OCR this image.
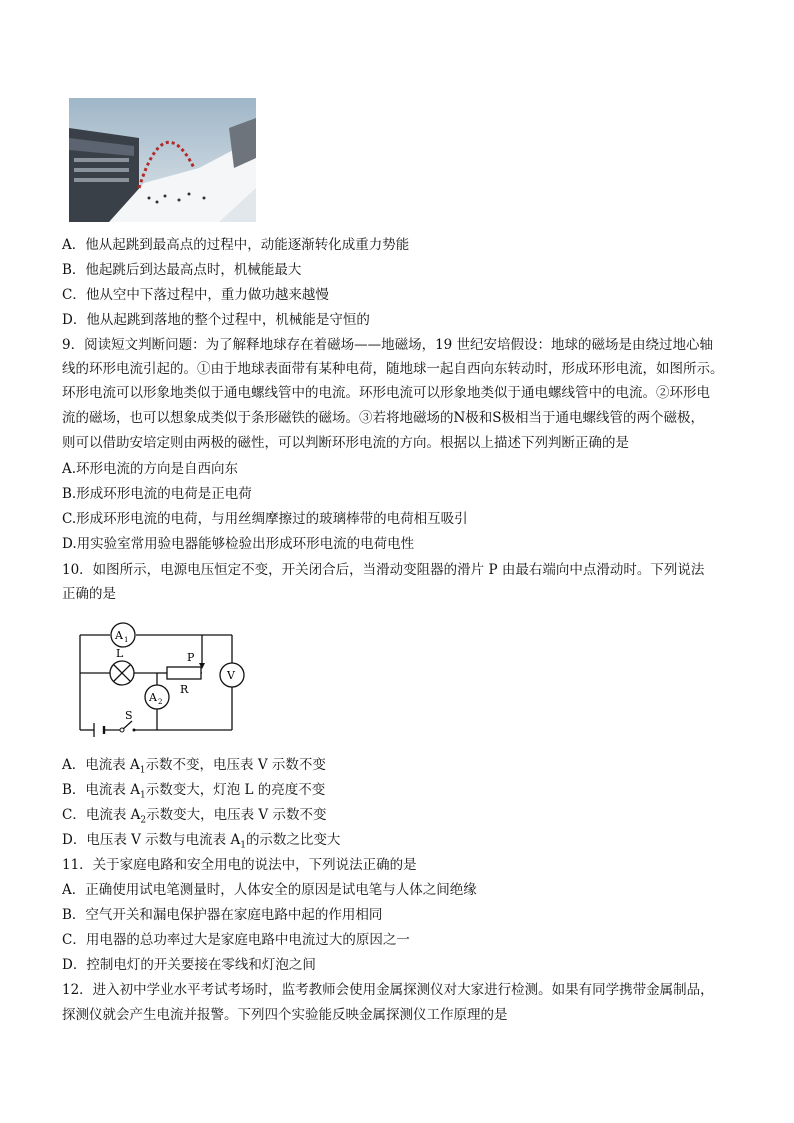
A．他从起跳到最高点的过程中，动能逐渐转化成重力势能
B．他起跳后到达最高点时，机械能最大
C．他从空中下落过程中，重力做功越来越慢
D．他从起跳到落地的整个过程中，机械能是守恒的
9．阅读短文判断问题：为了解释地球存在着磁场——地磁场，19 世纪安培假设：地球的磁场是由绕过地心轴
线的环形电流引起的。①由于地球表面带有某种电荷，随地球一起自西向东转动时，形成环形电流，如图所示。
环形电流可以形象地类似于通电螺线管中的电流。环形电流可以形象地类似于通电螺线管中的电流。②环形电
流的磁场，也可以想象成类似于条形磁铁的磁场。③若将地磁场的N极和S极相当于通电螺线管的两个磁极，
则可以借助安培定则由两极的磁性，可以判断环形电流的方向。根据以上描述下列判断正确的是
A.环形电流的方向是自西向东
B.形成环形电流的电荷是正电荷
C.形成环形电流的电荷，与用丝绸摩擦过的玻璃棒带的电荷相互吸引
D.用实验室常用验电器能够检验出形成环形电流的电荷电性
10．如图所示，电源电压恒定不变，开关闭合后，当滑动变阻器的滑片 P 由最右端向中点滑动时。下列说法
正确的是
A 1
L	P
R
A 2
V
S
A．电流表 $A_1$示数不变，电压表 V 示数不变
B．电流表 $A_1$示数变大，灯泡 L 的亮度不变
C．电流表 $A_2$示数变大，电压表 V 示数不变
D．电压表 V 示数与电流表 $A_1$的示数之比变大
11．关于家庭电路和安全用电的说法中，下列说法正确的是
A．正确使用试电笔测量时，人体安全的原因是试电笔与人体之间绝缘
B．空气开关和漏电保护器在家庭电路中起的作用相同
C．用电器的总功率过大是家庭电路中电流过大的原因之一
D．控制电灯的开关要接在零线和灯泡之间
12．进入初中学业水平考试考场时，监考教师会使用金属探测仪对大家进行检测。如果有同学携带金属制品，
探测仪就会产生电流并报警。下列四个实验能反映金属探测仪工作原理的是
